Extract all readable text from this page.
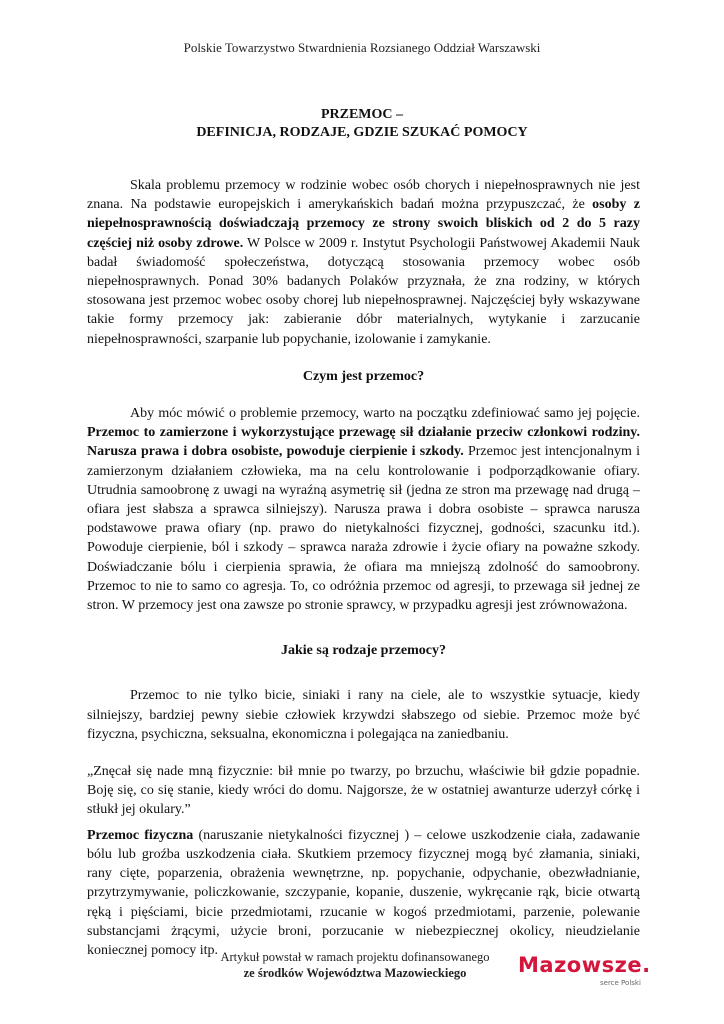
Polskie Towarzystwo Stwardnienia Rozsianego Oddział Warszawski
PRZEMOC –
DEFINICJA, RODZAJE, GDZIE SZUKAĆ POMOCY

Skala problemu przemocy w rodzinie wobec osób chorych i niepełnosprawnych nie jest znana. Na podstawie europejskich i amerykańskich badań można przypuszczać, że osoby z niepełnosprawnością doświadczają przemocy ze strony swoich bliskich od 2 do 5 razy częściej niż osoby zdrowe. W Polsce w 2009 r. Instytut Psychologii Państwowej Akademii Nauk badał świadomość społeczeństwa, dotyczącą stosowania przemocy wobec osób niepełnosprawnych. Ponad 30% badanych Polaków przyznała, że zna rodziny, w których stosowana jest przemoc wobec osoby chorej lub niepełnosprawnej. Najczęściej były wskazywane takie formy przemocy jak: zabieranie dóbr materialnych, wytykanie i zarzucanie niepełnosprawności, szarpanie lub popychanie, izolowanie i zamykanie.

Czym jest przemoc?

Aby móc mówić o problemie przemocy, warto na początku zdefiniować samo jej pojęcie. Przemoc to zamierzone i wykorzystujące przewagę sił działanie przeciw członkowi rodziny. Narusza prawa i dobra osobiste, powoduje cierpienie i szkody. Przemoc jest intencjonalnym i zamierzonym działaniem człowieka, ma na celu kontrolowanie i podporządkowanie ofiary. Utrudnia samoobronę z uwagi na wyraźną asymetrię sił (jedna ze stron ma przewagę nad drugą –ofiara jest słabsza a sprawca silniejszy). Narusza prawa i dobra osobiste – sprawca narusza podstawowe prawa ofiary (np. prawo do nietykalności fizycznej, godności, szacunku itd.). Powoduje cierpienie, ból i szkody – sprawca naraża zdrowie i życie ofiary na poważne szkody. Doświadczanie bólu i cierpienia sprawia, że ofiara ma mniejszą zdolność do samoobrony. Przemoc to nie to samo co agresja. To, co odróżnia przemoc od agresji, to przewaga sił jednej ze stron. W przemocy jest ona zawsze po stronie sprawcy, w przypadku agresji jest zrównoważona.

Jakie są rodzaje przemocy?

Przemoc to nie tylko bicie, siniaki i rany na ciele, ale to wszystkie sytuacje, kiedy silniejszy, bardziej pewny siebie człowiek krzywdzi słabszego od siebie. Przemoc może być fizyczna, psychiczna, seksualna, ekonomiczna i polegająca na zaniedbaniu.

„Znęcał się nade mną fizycznie: bił mnie po twarzy, po brzuchu, właściwie bił gdzie popadnie. Boję się, co się stanie, kiedy wróci do domu. Najgorsze, że w ostatniej awanturze uderzył córkę i stłukł jej okulary.”

Przemoc fizyczna (naruszanie nietykalności fizycznej ) – celowe uszkodzenie ciała, zadawanie bólu lub groźba uszkodzenia ciała. Skutkiem przemocy fizycznej mogą być złamania, siniaki, rany cięte, poparzenia, obrażenia wewnętrzne, np. popychanie, odpychanie, obezwładnianie, przytrzymywanie, policzkowanie, szczypanie, kopanie, duszenie, wykręcanie rąk, bicie otwartą ręką i pięściami, bicie przedmiotami, rzucanie w kogoś przedmiotami, parzenie, polewanie substancjami żrącymi, użycie broni, porzucanie w niebezpiecznej okolicy, nieudzielanie koniecznej pomocy itp. Artykuł powstał w ramach projektu dofinansowanego
ze środków Województwa Mazowieckiego	Mazowsze.
serce Polski
